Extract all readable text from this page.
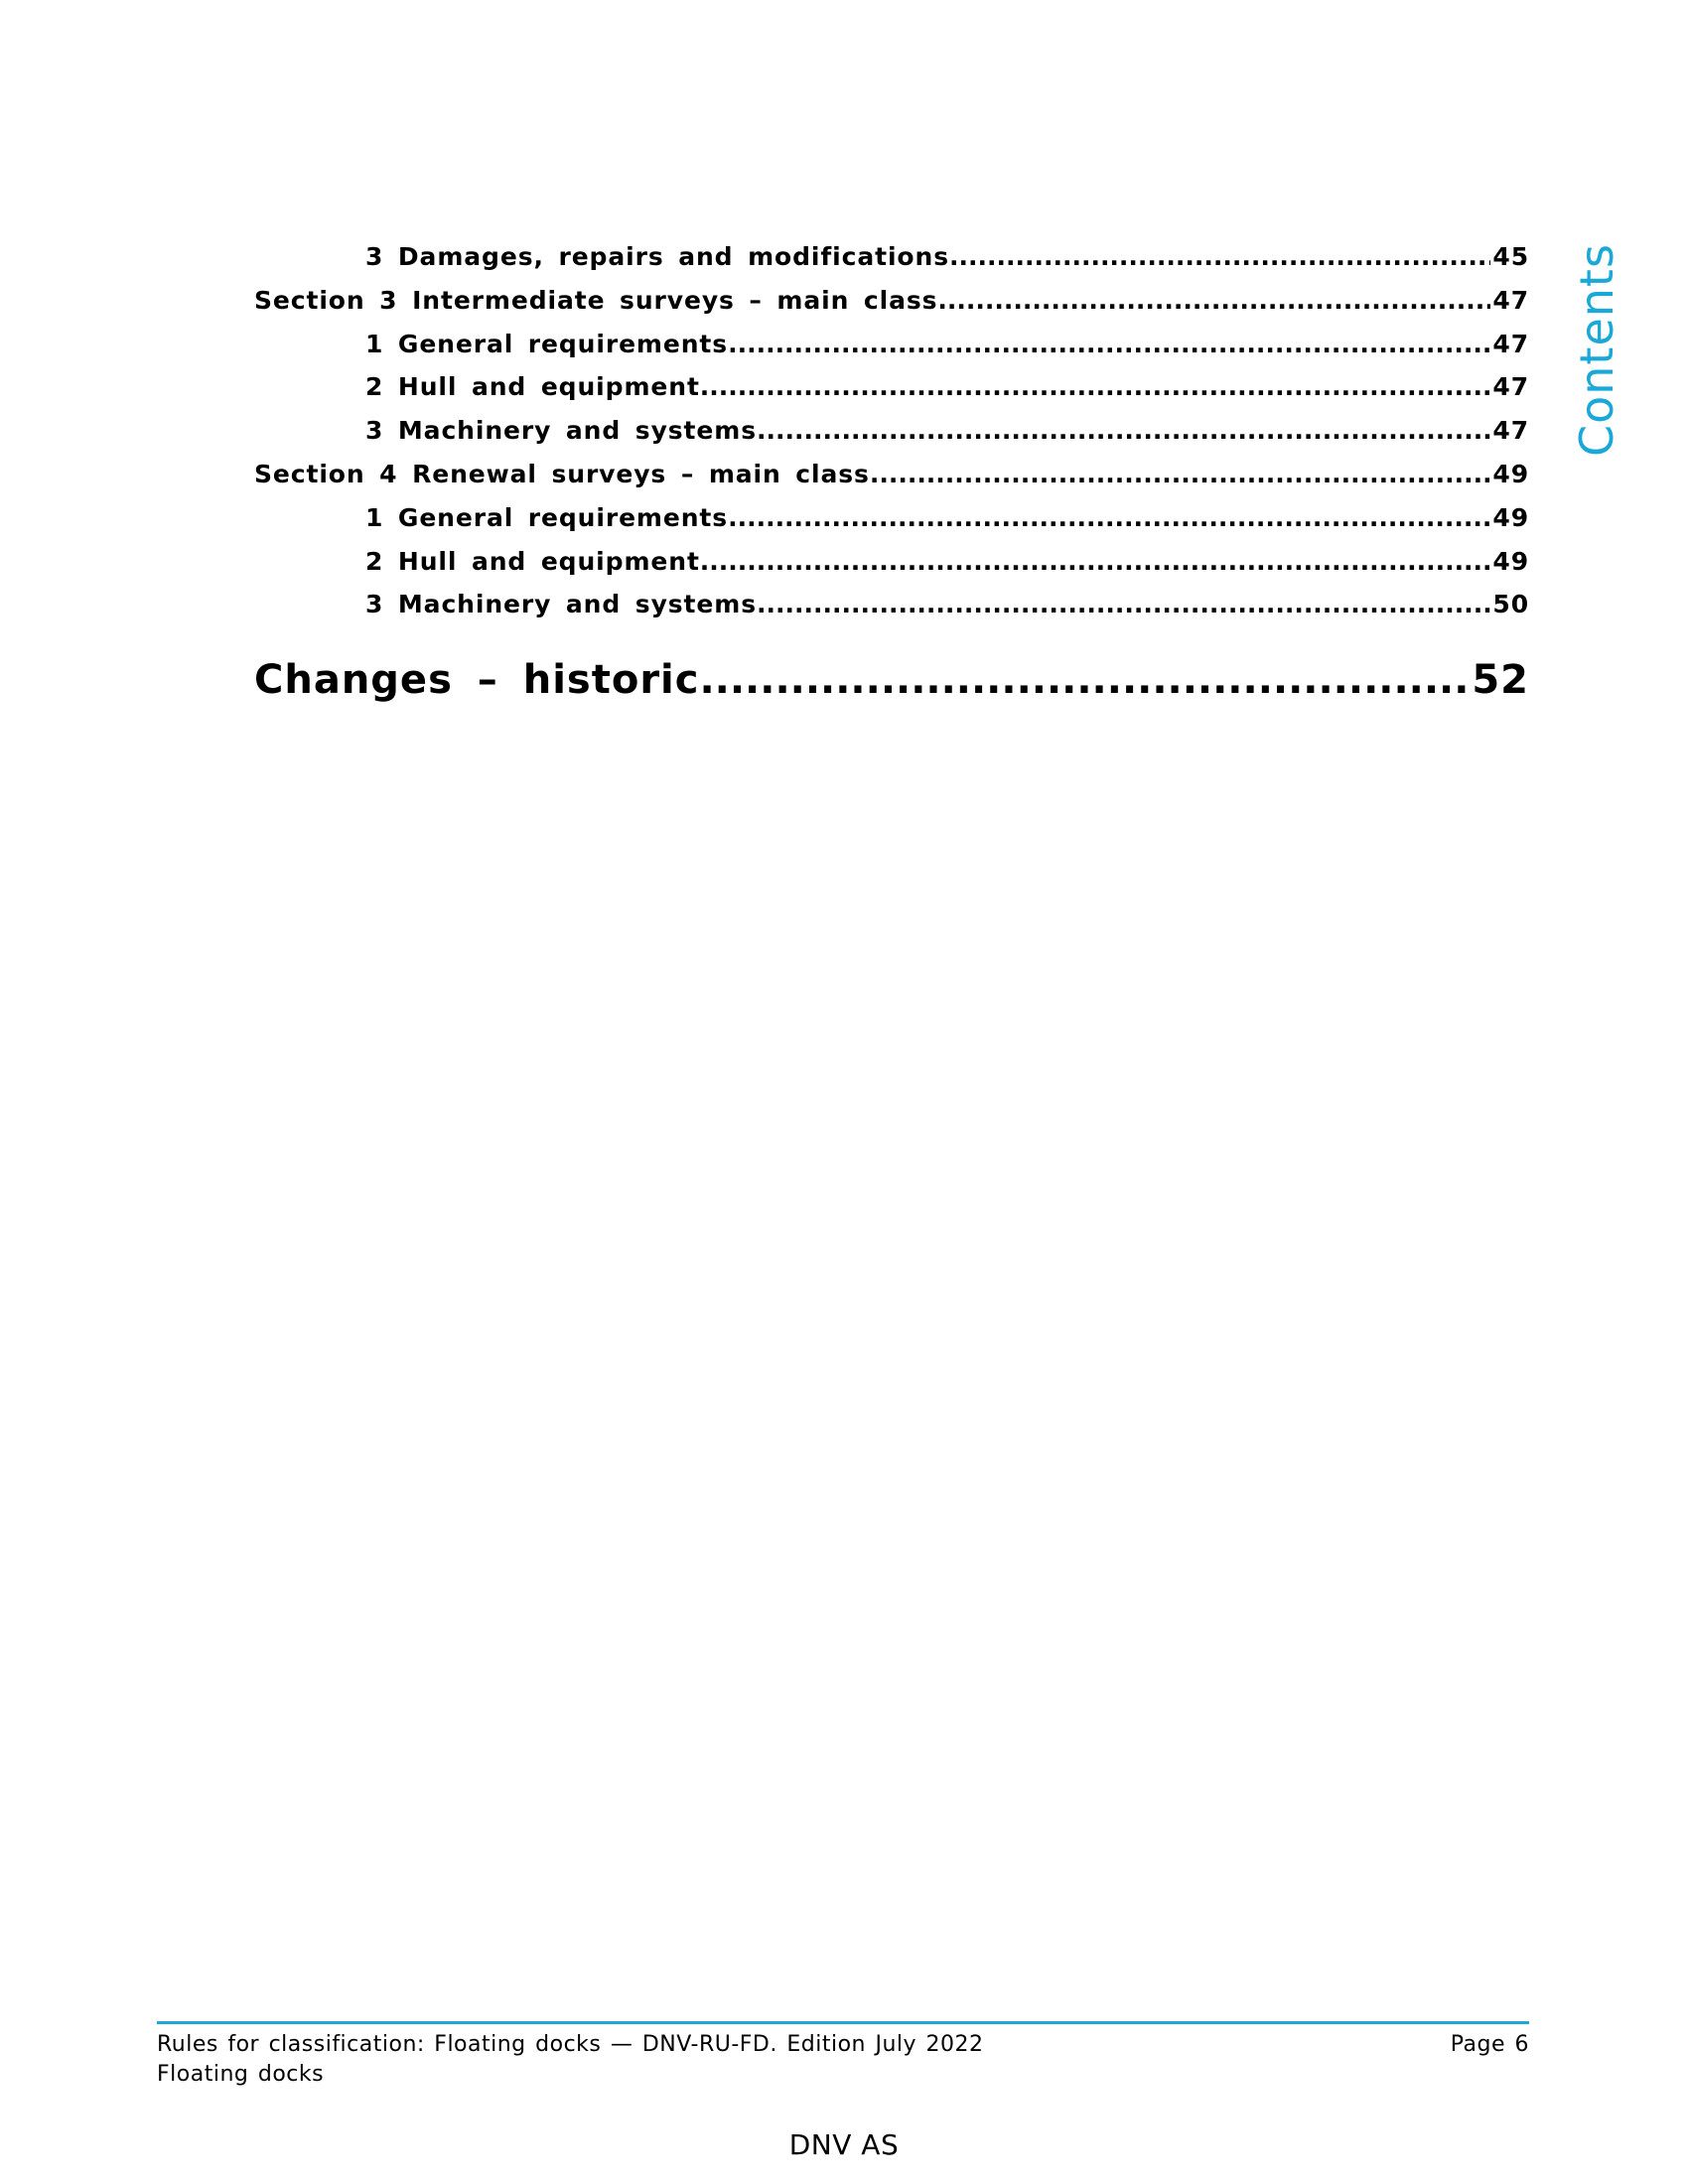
3 Damages, repairs and modifications .....	45
Section 3 Intermediate surveys – main class .....	47
1 General requirements .....	47
2 Hull and equipment .....	47
3 Machinery and systems .....	47
Section 4 Renewal surveys – main class .....	49
1 General requirements .....	49
2 Hull and equipment .....	49
3 Machinery and systems .....	50
Changes – historic .....	52
Contents
Rules for classification: Floating docks — DNV-RU-FD. Edition July 2022
Floating docks
Page 6
DNV AS
